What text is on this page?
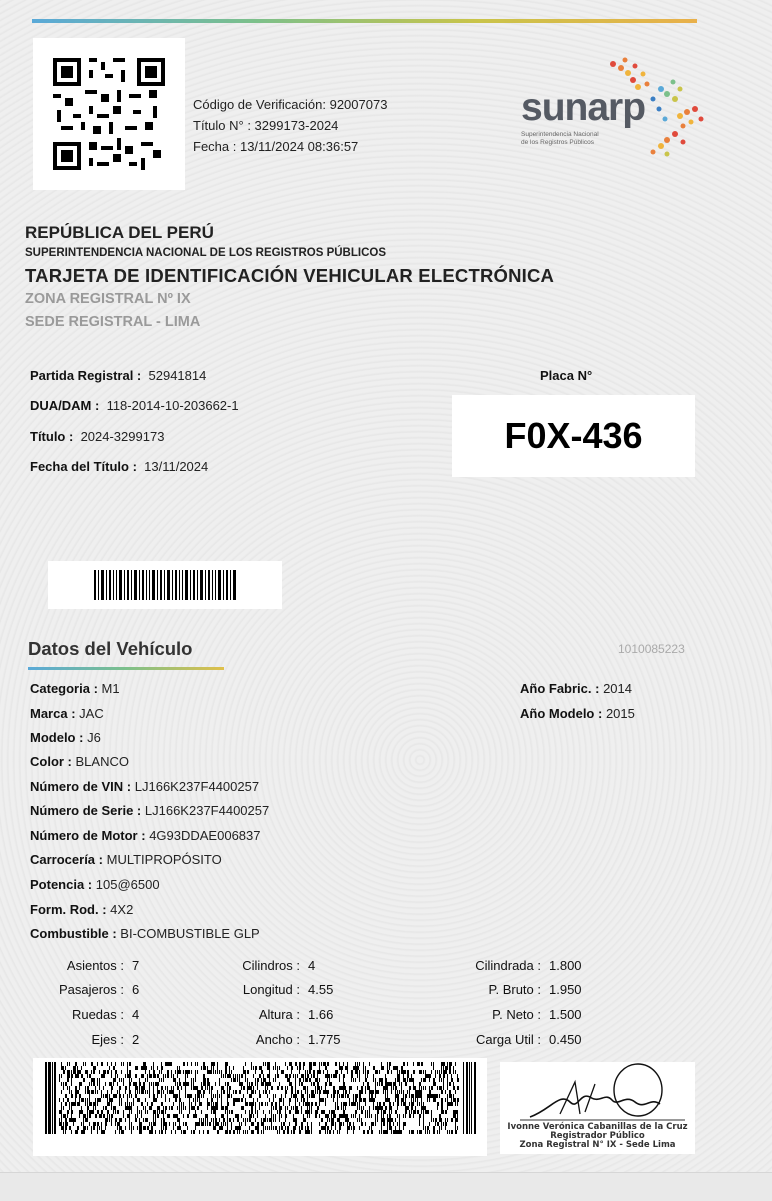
Código de Verificación: 92007073
Título N° : 3299173-2024
Fecha : 13/11/2024 08:36:57
sunarp
Superintendencia Nacional
de los Registros Públicos
REPÚBLICA DEL PERÚ
SUPERINTENDENCIA NACIONAL DE LOS REGISTROS PÚBLICOS
TARJETA DE IDENTIFICACIÓN VEHICULAR ELECTRÓNICA
ZONA REGISTRAL Nº IX
SEDE REGISTRAL - LIMA
Partida Registral : 52941814
DUA/DAM : 118-2014-10-203662-1
Título : 2024-3299173
Fecha del Título : 13/11/2024
Placa N°
F0X-436
Datos del Vehículo	1010085223
Categoria : M1
Marca : JAC
Modelo : J6
Color : BLANCO
Número de VIN : LJ166K237F4400257
Número de Serie : LJ166K237F4400257
Número de Motor : 4G93DDAE006837
Carrocería : MULTIPROPÓSITO
Potencia : 105@6500
Form. Rod. : 4X2
Combustible : BI-COMBUSTIBLE GLP
Año Fabric. : 2014
Año Modelo : 2015
Asientos : 7
Pasajeros : 6
Ruedas : 4
Ejes : 2
Cilindros : 4
Longitud : 4.55
Altura : 1.66
Ancho : 1.775
Cilindrada : 1.800
P. Bruto : 1.950
P. Neto : 1.500
Carga Util : 0.450
Ivonne Verónica Cabanillas de la Cruz
Registrador Público
Zona Registral N° IX - Sede Lima
